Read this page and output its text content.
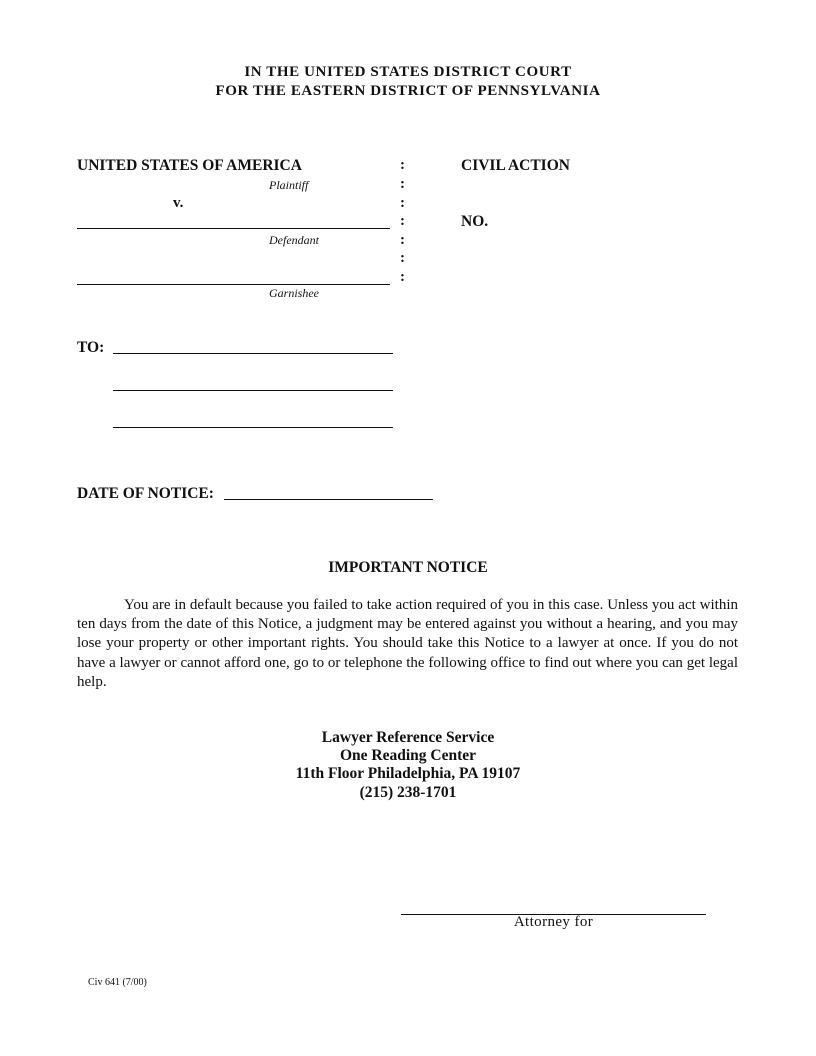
IN THE UNITED STATES DISTRICT COURT
FOR THE EASTERN DISTRICT OF PENNSYLVANIA
UNITED STATES OF AMERICA
Plaintiff
v.
Defendant
Garnishee
:
:
:
:
:
:
:
CIVIL ACTION
NO.
TO:
DATE OF NOTICE:
IMPORTANT NOTICE
You are in default because you failed to take action required of you in this case. Unless you act within ten days from the date of this Notice, a judgment may be entered against you without a hearing, and you may lose your property or other important rights. You should take this Notice to a lawyer at once. If you do not have a lawyer or cannot afford one, go to or telephone the following office to find out where you can get legal help.
Lawyer Reference Service
One Reading Center
11th Floor Philadelphia, PA 19107
(215) 238-1701
Attorney for
Civ 641 (7/00)
